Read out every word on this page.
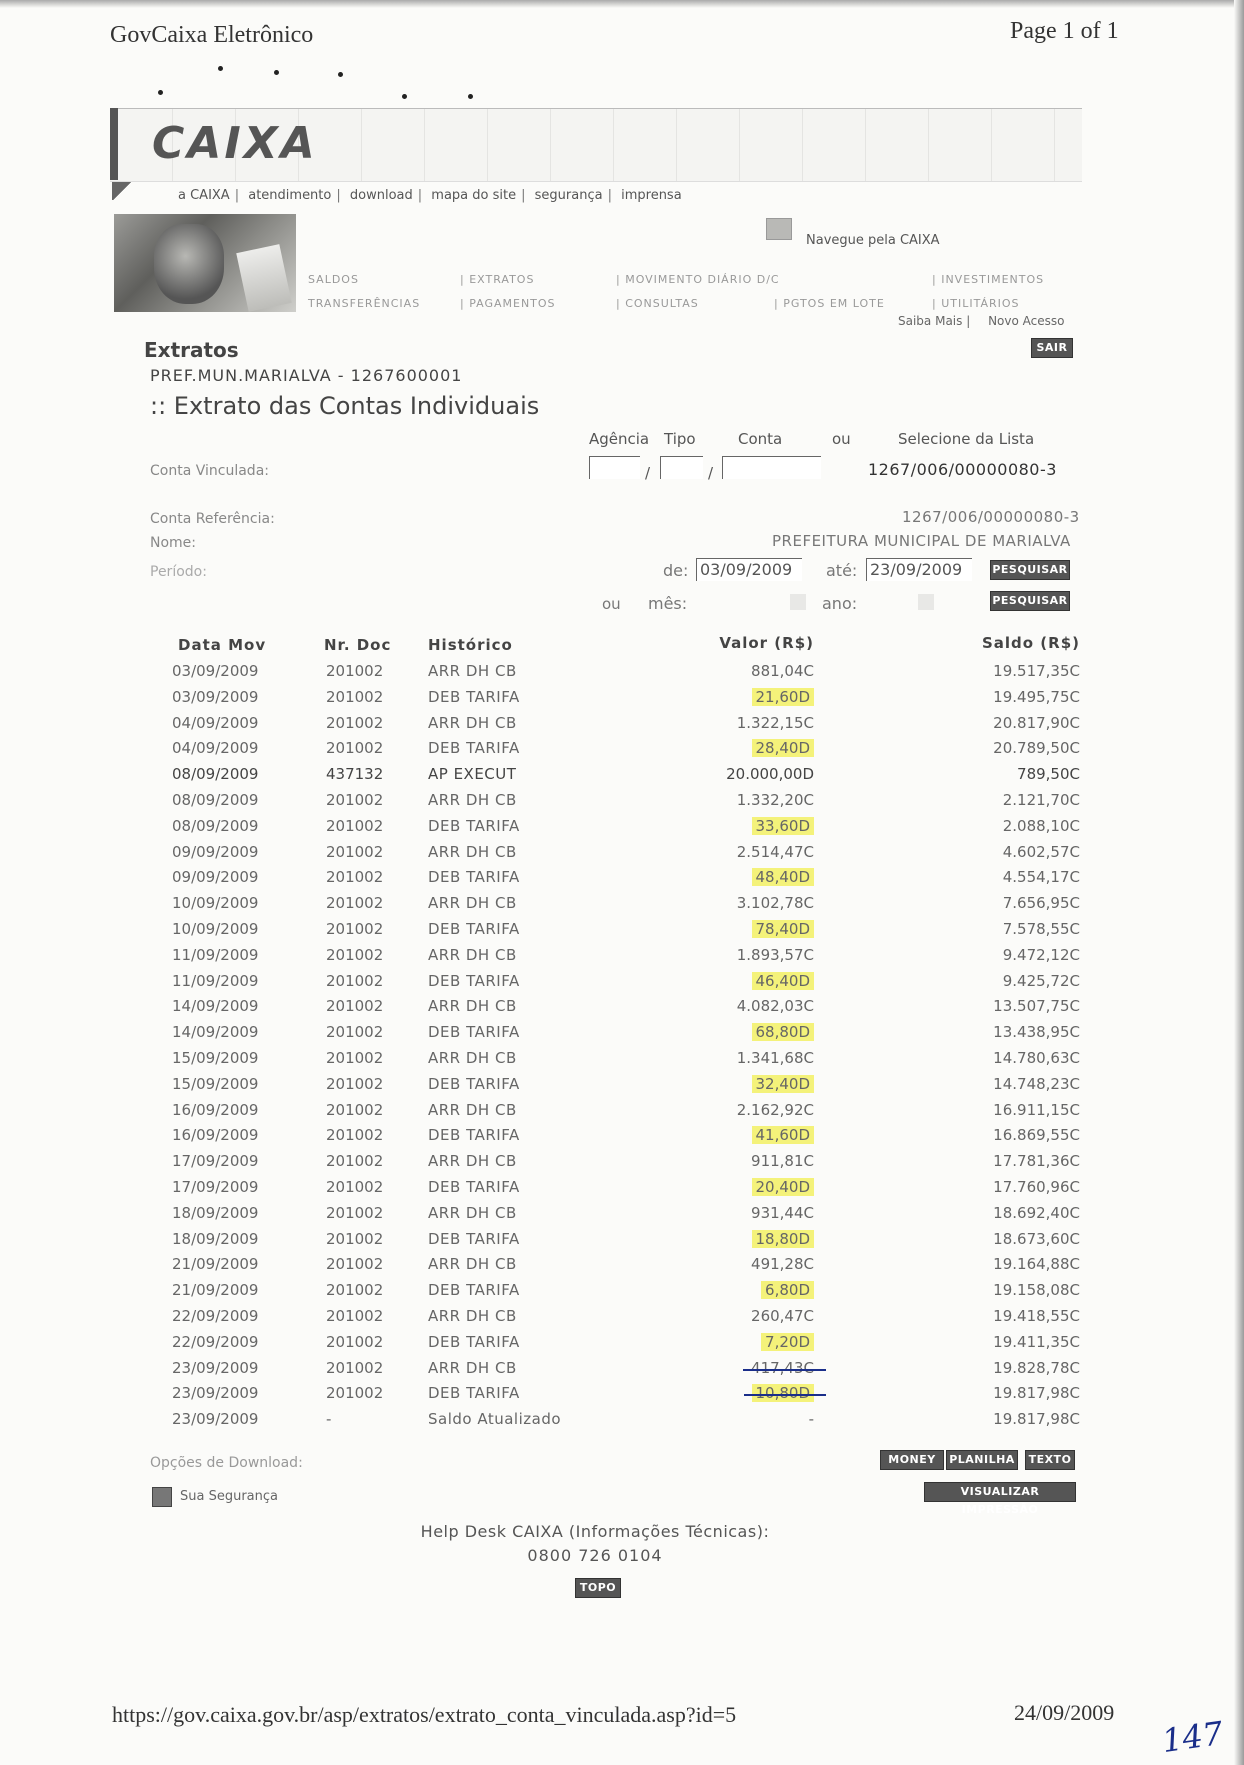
GovCaixa Eletrônico	Page 1 of 1
CAIXA
a CAIXA | atendimento | download | mapa do site | segurança | imprensa
Navegue pela CAIXA
SALDOS	| EXTRATOS	| MOVIMENTO DIÁRIO D/C	| INVESTIMENTOS
TRANSFERÊNCIAS	| PAGAMENTOS	| CONSULTAS	| PGTOS EM LOTE	| UTILITÁRIOS
Saiba Mais | Novo Acesso
Extratos	SAIR
PREF.MUN.MARIALVA - 1267600001
:: Extrato das Contas Individuais
Agência Tipo	Conta	ou	Selecione da Lista
Conta Vinculada:	/	/	1267/006/00000080-3
Conta Referência:	1267/006/00000080-3
Nome:	PREFEITURA MUNICIPAL DE MARIALVA
Período:	de: 03/09/2009	até: 23/09/2009	PESQUISAR
ou mês:	ano:	PESQUISAR
Data Mov	Nr. Doc Histórico	Valor (R$)	Saldo (R$)
03/09/2009	201002	ARR DH CB	881,04C	19.517,35C
03/09/2009	201002	DEB TARIFA	21,60D	19.495,75C
04/09/2009	201002	ARR DH CB	1.322,15C	20.817,90C
04/09/2009	201002	DEB TARIFA	28,40D	20.789,50C
08/09/2009	437132	AP EXECUT	20.000,00D	789,50C
08/09/2009	201002	ARR DH CB	1.332,20C	2.121,70C
08/09/2009	201002	DEB TARIFA	33,60D	2.088,10C
09/09/2009	201002	ARR DH CB	2.514,47C	4.602,57C
09/09/2009	201002	DEB TARIFA	48,40D	4.554,17C
10/09/2009	201002	ARR DH CB	3.102,78C	7.656,95C
10/09/2009	201002	DEB TARIFA	78,40D	7.578,55C
11/09/2009	201002	ARR DH CB	1.893,57C	9.472,12C
11/09/2009	201002	DEB TARIFA	46,40D	9.425,72C
14/09/2009	201002	ARR DH CB	4.082,03C	13.507,75C
14/09/2009	201002	DEB TARIFA	68,80D	13.438,95C
15/09/2009	201002	ARR DH CB	1.341,68C	14.780,63C
15/09/2009	201002	DEB TARIFA	32,40D	14.748,23C
16/09/2009	201002	ARR DH CB	2.162,92C	16.911,15C
16/09/2009	201002	DEB TARIFA	41,60D	16.869,55C
17/09/2009	201002	ARR DH CB	911,81C	17.781,36C
17/09/2009	201002	DEB TARIFA	20,40D	17.760,96C
18/09/2009	201002	ARR DH CB	931,44C	18.692,40C
18/09/2009	201002	DEB TARIFA	18,80D	18.673,60C
21/09/2009	201002	ARR DH CB	491,28C	19.164,88C
21/09/2009	201002	DEB TARIFA	6,80D	19.158,08C
22/09/2009	201002	ARR DH CB	260,47C	19.418,55C
22/09/2009	201002	DEB TARIFA	7,20D	19.411,35C
23/09/2009	201002	ARR DH CB	417,43C	19.828,78C
23/09/2009	201002	DEB TARIFA	10,80D	19.817,98C
23/09/2009	-	Saldo Atualizado	-	19.817,98C
Opções de Download:	MONEY	PLANILHA	TEXTO
VISUALIZAR IMPRESSÃO
Sua Segurança
Help Desk CAIXA (Informações Técnicas):
0800 726 0104
TOPO
https://gov.caixa.gov.br/asp/extratos/extrato_conta_vinculada.asp?id=5	24/09/2009
147
